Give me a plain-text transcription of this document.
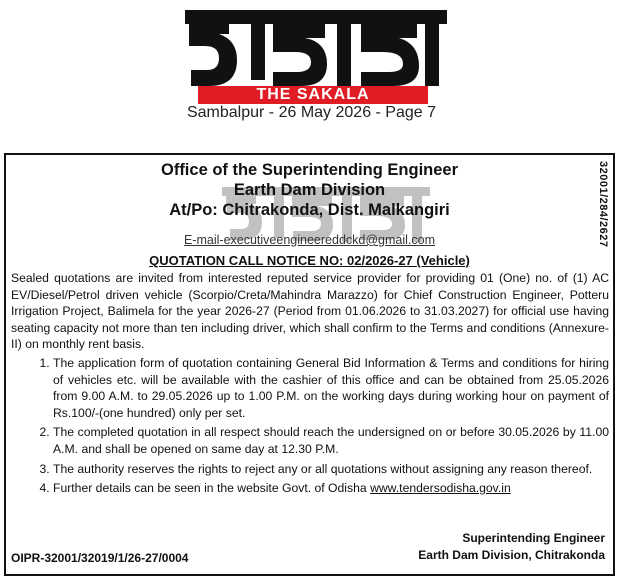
THE SAKALA
Sambalpur - 26 May 2026 - Page 7
32001/284/2627
Office of the Superintending Engineer
Earth Dam Division
At/Po: Chitrakonda, Dist. Malkangiri
E-mail-executiveengineereddckd@gmail.com
QUOTATION CALL NOTICE NO: 02/2026-27 (Vehicle)

Sealed quotations are invited from interested reputed service provider for providing 01 (One) no. of (1) AC EV/Diesel/Petrol driven vehicle (Scorpio/Creta/Mahindra Marazzo) for Chief Construction Engineer, Potteru Irrigation Project, Balimela for the year 2026-27 (Period from 01.06.2026 to 31.03.2027) for official use having seating capacity not more than ten including driver, which shall confirm to the Terms and conditions (Annexure-II) on monthly rent basis.

1. The application form of quotation containing General Bid Information & Terms and conditions for hiring of vehicles etc. will be available with the cashier of this office and can be obtained from 25.05.2026 from 9.00 A.M. to 29.05.2026 up to 1.00 P.M. on the working days during working hour on payment of Rs.100/-(one hundred) only per set.
2. The completed quotation in all respect should reach the undersigned on or before 30.05.2026 by 11.00 A.M. and shall be opened on same day at 12.30 P.M.
3. The authority reserves the rights to reject any or all quotations without assigning any reason thereof.
4. Further details can be seen in the website Govt. of Odisha www.tendersodisha.gov.in
Superintending Engineer
Earth Dam Division, Chitrakonda
OIPR-32001/32019/1/26-27/0004
